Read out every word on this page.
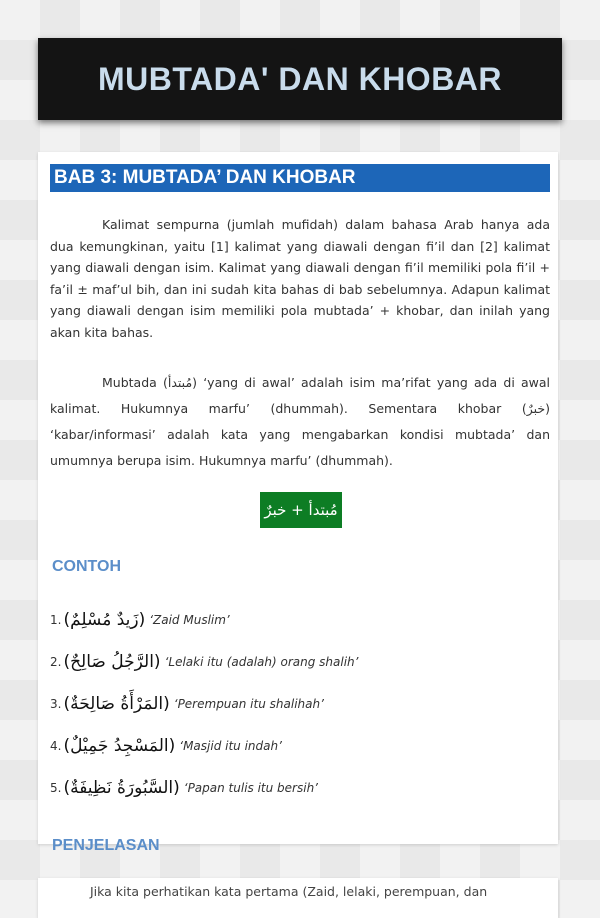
MUBTADA' DAN KHOBAR
BAB 3: MUBTADA’ DAN KHOBAR

Kalimat sempurna (jumlah mufidah) dalam bahasa Arab hanya ada dua kemungkinan, yaitu [1] kalimat yang diawali dengan fi’il dan [2] kalimat yang diawali dengan isim. Kalimat yang diawali dengan fi’il memiliki pola fi’il + fa’il ± maf’ul bih, dan ini sudah kita bahas di bab sebelumnya. Adapun kalimat yang diawali dengan isim memiliki pola mubtada’ + khobar, dan inilah yang akan kita bahas.

Mubtada (مُبتدأ) ‘yang di awal’ adalah isim ma’rifat yang ada di awal kalimat. Hukumnya marfu’ (dhummah). Sementara khobar (خبرٌ) ‘kabar/informasi’ adalah kata yang mengabarkan kondisi mubtada’ dan umumnya berupa isim. Hukumnya marfu’ (dhummah).

مُبتدأ + خبرٌ
CONTOH
1. (زَيدٌ مُسْلِمٌ) ‘Zaid Muslim’
2. (الرَّجُلُ صَالِحٌ) ‘Lelaki itu (adalah) orang shalih’
3. (المَرْأَةُ صَالِحَةٌ) ‘Perempuan itu shalihah’
4. (المَسْجِدُ جَمِيْلٌ) ‘Masjid itu indah’
5. (السَّبُورَةُ نَظِيفَةٌ) ‘Papan tulis itu bersih’
PENJELASAN

Jika kita perhatikan kata pertama (Zaid, lelaki, perempuan, dan
